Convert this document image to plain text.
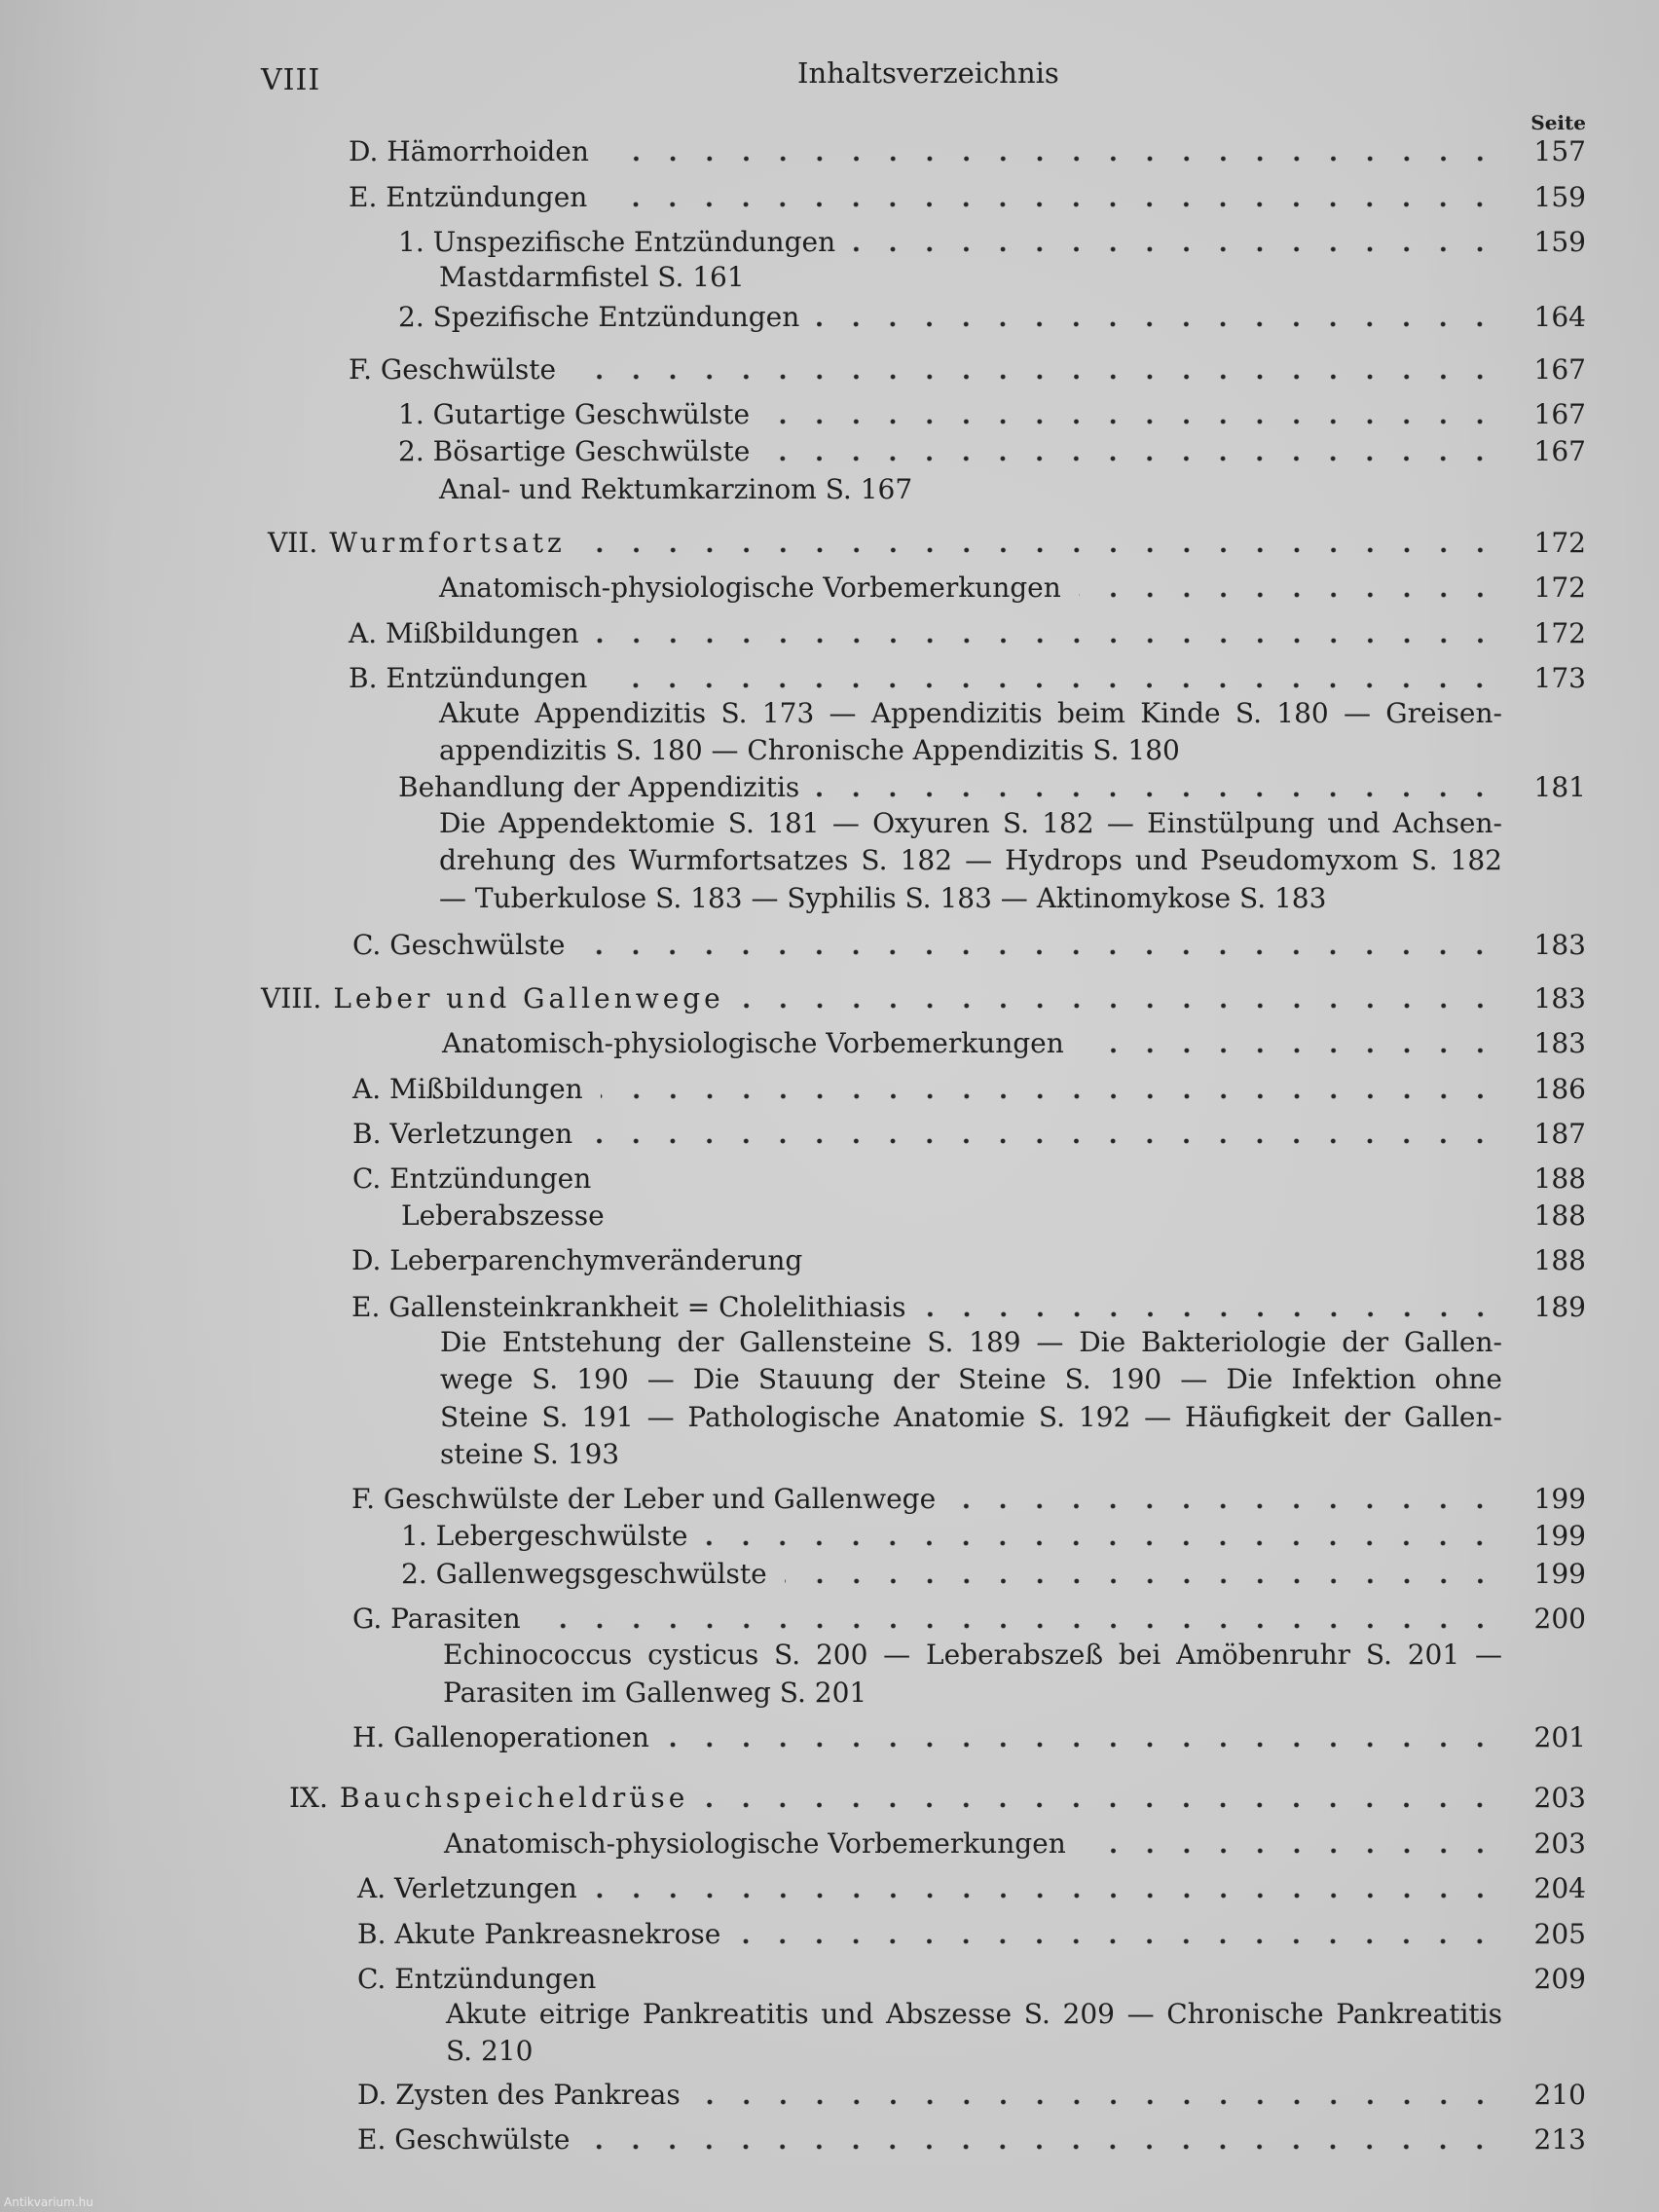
VIII	Inhaltsverzeichnis
Seite
D. Hämorrhoiden	157
E. Entzündungen	159
1. Unspezifische Entzündungen	159
Mastdarmfistel S. 161
2. Spezifische Entzündungen	164
F. Geschwülste	167
1. Gutartige Geschwülste	167
2. Bösartige Geschwülste	167
Anal- und Rektumkarzinom S. 167
VII. Wurmfortsatz	172
Anatomisch-physiologische Vorbemerkungen	172
A. Mißbildungen	172
B. Entzündungen	173
Akute Appendizitis S. 173 — Appendizitis beim Kinde S. 180 — Greisen-
appendizitis S. 180 — Chronische Appendizitis S. 180
Behandlung der Appendizitis	181
Die Appendektomie S. 181 — Oxyuren S. 182 — Einstülpung und Achsen-
drehung des Wurmfortsatzes S. 182 — Hydrops und Pseudomyxom S. 182
— Tuberkulose S. 183 — Syphilis S. 183 — Aktinomykose S. 183
C. Geschwülste	183
VIII. Leber und Gallenwege	183
Anatomisch-physiologische Vorbemerkungen	183
A. Mißbildungen	186
B. Verletzungen	187
C. Entzündungen	188
Leberabszesse	188
D. Leberparenchymveränderung	188
E. Gallensteinkrankheit = Cholelithiasis	189
Die Entstehung der Gallensteine S. 189 — Die Bakteriologie der Gallen-
wege S. 190 — Die Stauung der Steine S. 190 — Die Infektion ohne
Steine S. 191 — Pathologische Anatomie S. 192 — Häufigkeit der Gallen-
steine S. 193
F. Geschwülste der Leber und Gallenwege	199
1. Lebergeschwülste	199
2. Gallenwegsgeschwülste	199
G. Parasiten	200
Echinococcus cysticus S. 200 — Leberabszeß bei Amöbenruhr S. 201 —
Parasiten im Gallenweg S. 201
H. Gallenoperationen	201
IX. Bauchspeicheldrüse	203
Anatomisch-physiologische Vorbemerkungen	203
A. Verletzungen	204
B. Akute Pankreasnekrose	205
C. Entzündungen	209
Akute eitrige Pankreatitis und Abszesse S. 209 — Chronische Pankreatitis
S. 210
D. Zysten des Pankreas	210
E. Geschwülste	213
Antikvarium.hu
